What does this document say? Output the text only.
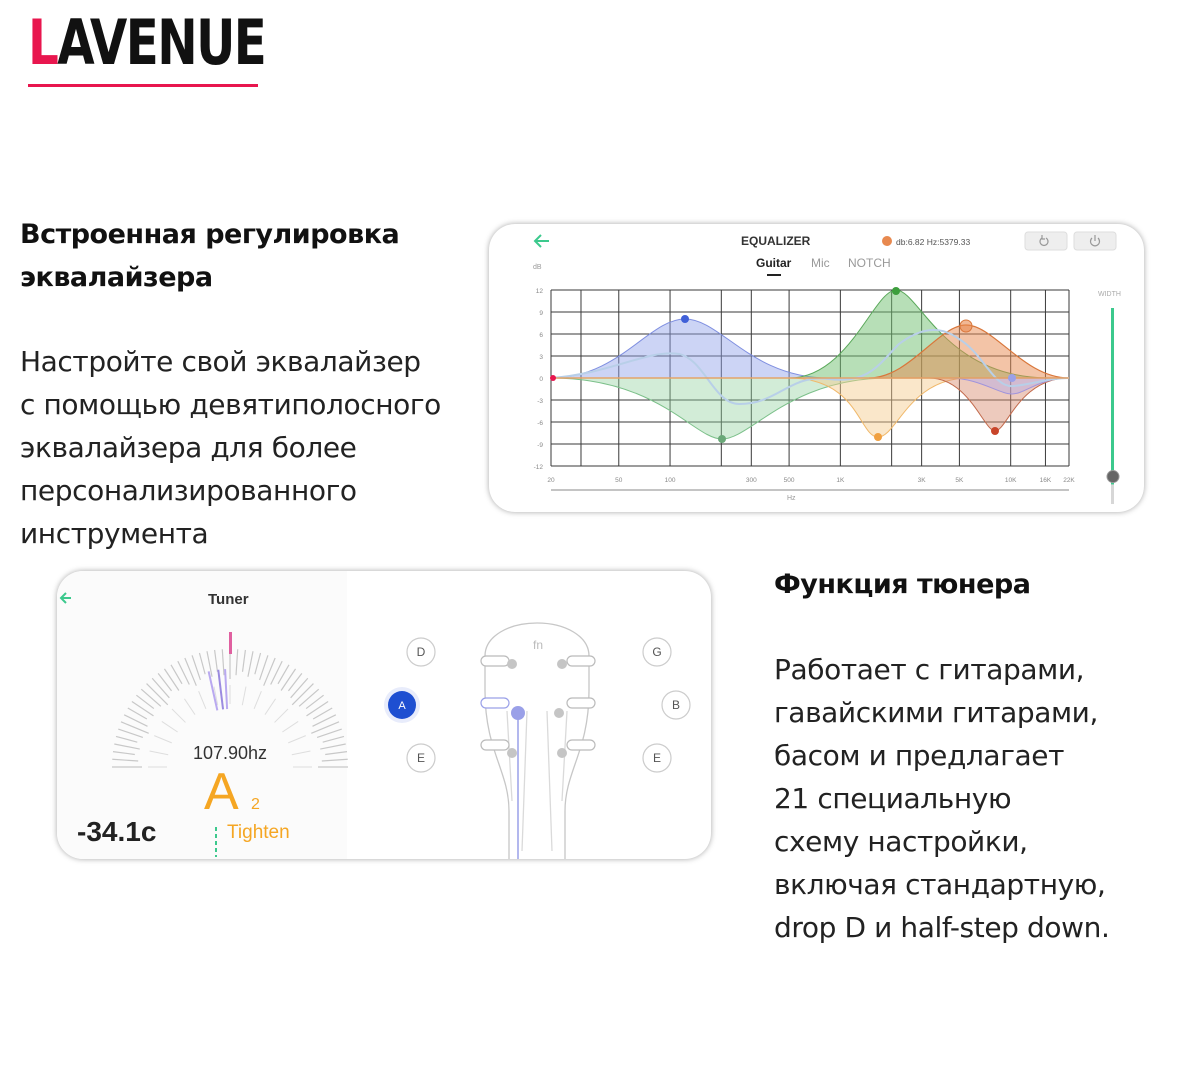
LAVENUE
Встроенная регулировка
эквалайзера
Настройте свой эквалайзер
с помощью девятиполосного
эквалайзера для более
персонализированного
инструмента
Функция тюнера
Работает с гитарами,
гавайскими гитарами,
басом и предлагает
21 специальную
схему настройки,
включая стандартную,
drop D и half-step down.
EQUALIZER	db:6.82 Hz:5379.33
Guitar Mic NOTCH
dB
WIDTH
12
9
6
3
0
-3
-6
-9
-12
20	50	100	300	500	1K	3K	5K	10K	16K 22K
Hz
Tuner
107.90hz
A 2
-34.1c	Tighten
fn
D
A
E
G
B
E
